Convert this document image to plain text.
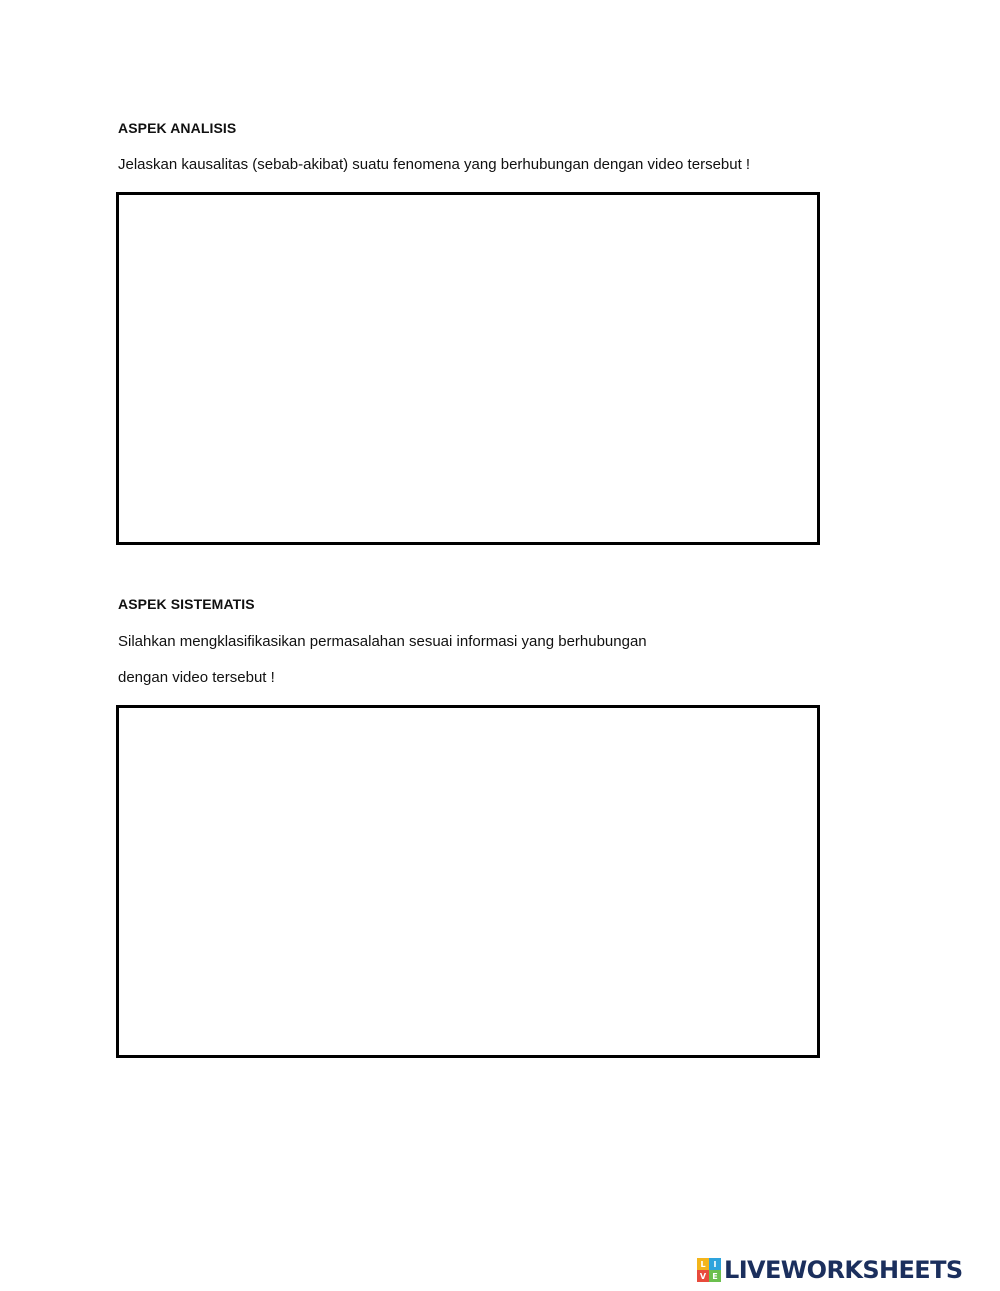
ASPEK ANALISIS
Jelaskan kausalitas (sebab-akibat) suatu fenomena yang berhubungan dengan video tersebut !
ASPEK SISTEMATIS
Silahkan mengklasifikasikan permasalahan sesuai informasi yang berhubungan
dengan video tersebut !
L I
V E LIVEWORKSHEETS
